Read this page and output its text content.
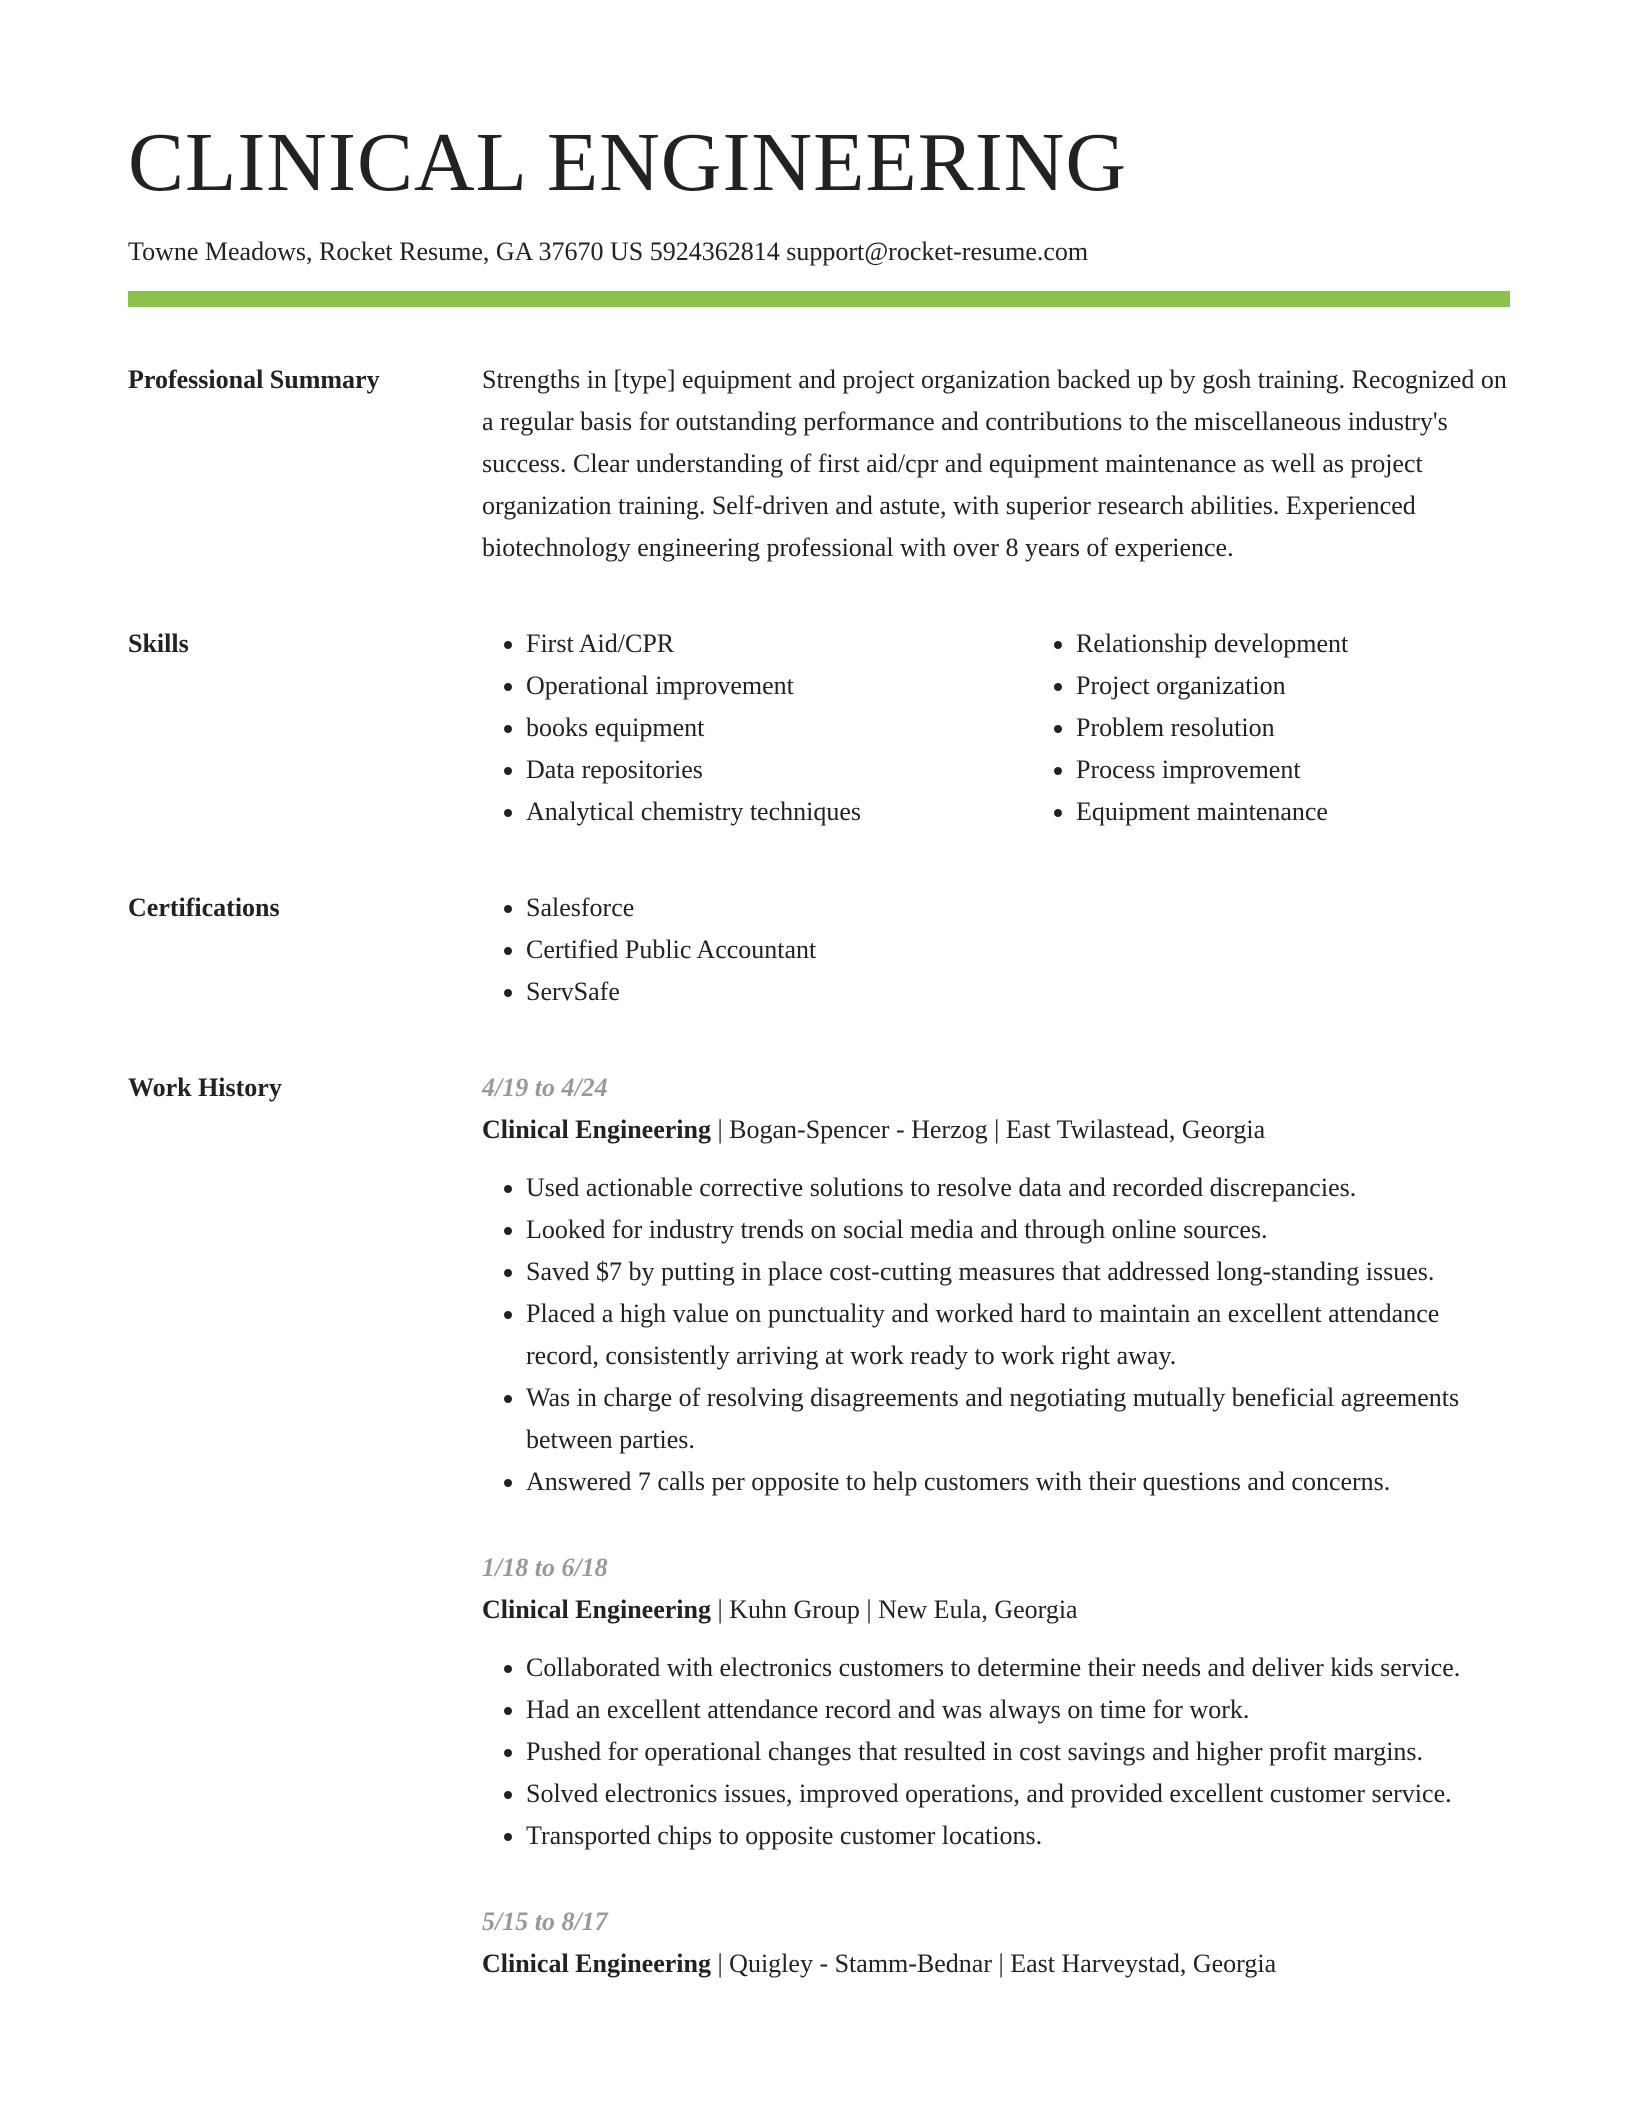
CLINICAL ENGINEERING
Towne Meadows, Rocket Resume, GA 37670 US 5924362814 support@rocket-resume.com
Professional Summary	Strengths in [type] equipment and project organization backed up by gosh training. Recognized on a regular basis for outstanding performance and contributions to the miscellaneous industry's success. Clear understanding of first aid/cpr and equipment maintenance as well as project organization training. Self-driven and astute, with superior research abilities. Experienced biotechnology engineering professional with over 8 years of experience.

Skills	• First Aid/CPR
• Operational improvement
• books equipment
• Data repositories
• Analytical chemistry techniques
• Relationship development
• Project organization
• Problem resolution
• Process improvement
• Equipment maintenance
Certifications	• Salesforce
• Certified Public Accountant
• ServSafe
Work History	4/19 to 4/24
Clinical Engineering | Bogan-Spencer - Herzog | East Twilastead, Georgia
• Used actionable corrective solutions to resolve data and recorded discrepancies.
• Looked for industry trends on social media and through online sources.
• Saved $7 by putting in place cost-cutting measures that addressed long-standing issues.
• Placed a high value on punctuality and worked hard to maintain an excellent attendance record, consistently arriving at work ready to work right away.
• Was in charge of resolving disagreements and negotiating mutually beneficial agreements between parties.
• Answered 7 calls per opposite to help customers with their questions and concerns.
1/18 to 6/18
Clinical Engineering | Kuhn Group | New Eula, Georgia
• Collaborated with electronics customers to determine their needs and deliver kids service.
• Had an excellent attendance record and was always on time for work.
• Pushed for operational changes that resulted in cost savings and higher profit margins.
• Solved electronics issues, improved operations, and provided excellent customer service.
• Transported chips to opposite customer locations.
5/15 to 8/17
Clinical Engineering | Quigley - Stamm-Bednar | East Harveystad, Georgia
